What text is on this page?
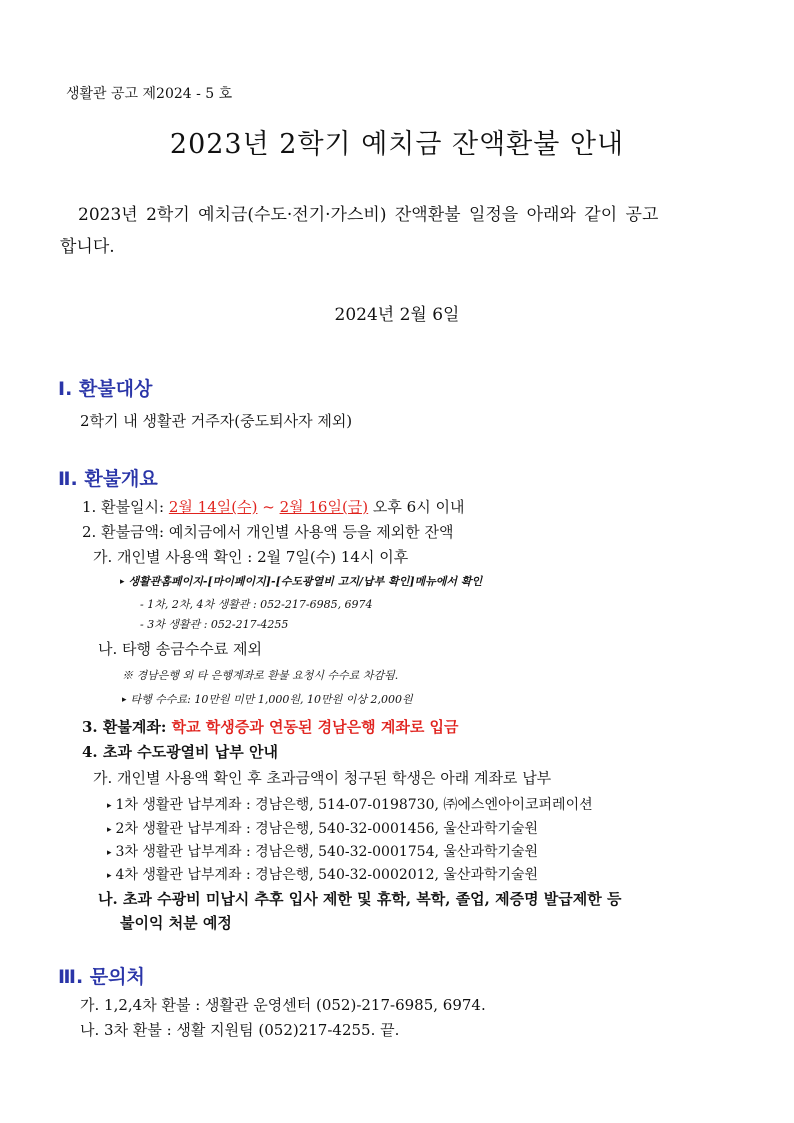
생활관 공고 제2024 - 5 호
2023년 2학기 예치금 잔액환불 안내
2023년 2학기 예치금(수도·전기·가스비) 잔액환불 일정을 아래와 같이 공고
합니다.
2024년 2월 6일
Ⅰ. 환불대상
2학기 내 생활관 거주자(중도퇴사자 제외)
Ⅱ. 환불개요
1. 환불일시: 2월 14일(수) ~ 2월 16일(금) 오후 6시 이내
2. 환불금액: 예치금에서 개인별 사용액 등을 제외한 잔액
가. 개인별 사용액 확인 : 2월 7일(수) 14시 이후
▸ 생활관홈페이지-[마이페이지]-[수도광열비 고지/납부 확인]메뉴에서 확인
- 1차, 2차, 4차 생활관 : 052-217-6985, 6974
- 3차 생활관 : 052-217-4255
나. 타행 송금수수료 제외
※ 경남은행 외 타 은행계좌로 환불 요청시 수수료 차감됨.
▸ 타행 수수료: 10만원 미만 1,000원, 10만원 이상 2,000원
3. 환불계좌: 학교 학생증과 연동된 경남은행 계좌로 입금
4. 초과 수도광열비 납부 안내
가. 개인별 사용액 확인 후 초과금액이 청구된 학생은 아래 계좌로 납부
▸ 1차 생활관 납부계좌 : 경남은행, 514-07-0198730, ㈜에스엔아이코퍼레이션
▸ 2차 생활관 납부계좌 : 경남은행, 540-32-0001456, 울산과학기술원
▸ 3차 생활관 납부계좌 : 경남은행, 540-32-0001754, 울산과학기술원
▸ 4차 생활관 납부계좌 : 경남은행, 540-32-0002012, 울산과학기술원
나. 초과 수광비 미납시 추후 입사 제한 및 휴학, 복학, 졸업, 제증명 발급제한 등
불이익 처분 예정
Ⅲ. 문의처
가. 1,2,4차 환불 : 생활관 운영센터 (052)-217-6985, 6974.
나. 3차 환불 : 생활 지원팀 (052)217-4255. 끝.
